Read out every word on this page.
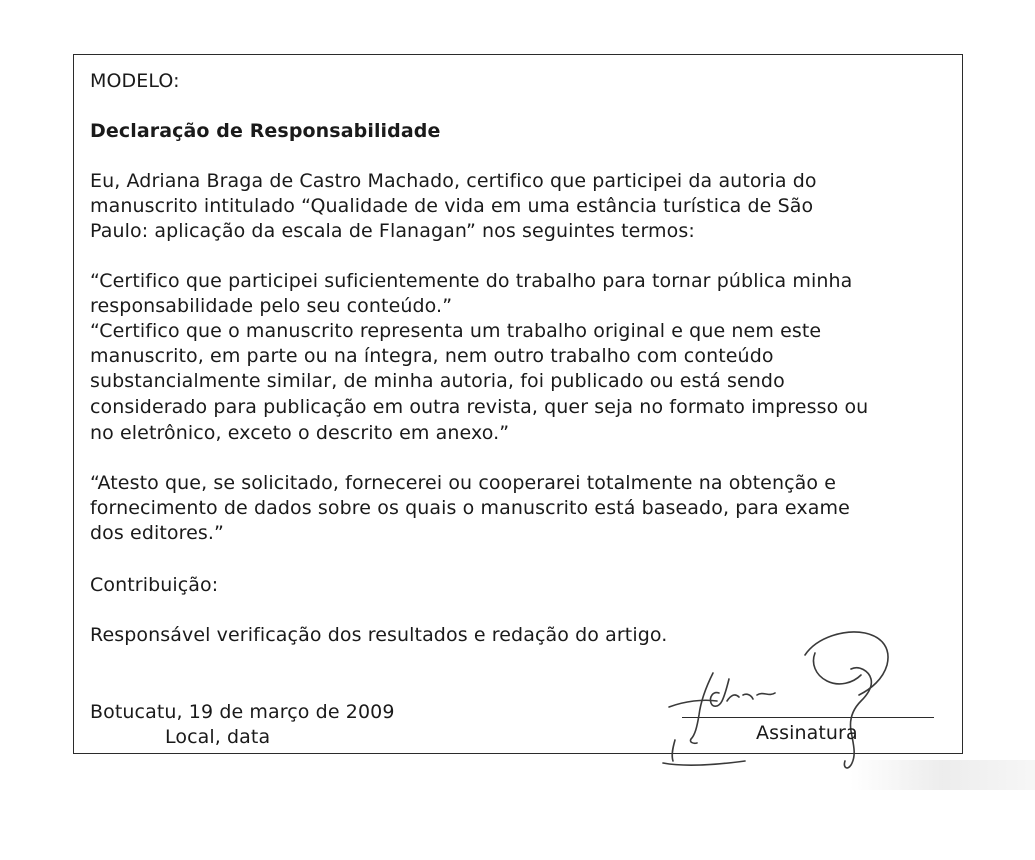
MODELO:
Declaração de Responsabilidade
Eu, Adriana Braga de Castro Machado, certifico que participei da autoria do
manuscrito intitulado “Qualidade de vida em uma estância turística de São
Paulo: aplicação da escala de Flanagan” nos seguintes termos:
“Certifico que participei suficientemente do trabalho para tornar pública minha
responsabilidade pelo seu conteúdo.”
“Certifico que o manuscrito representa um trabalho original e que nem este
manuscrito, em parte ou na íntegra, nem outro trabalho com conteúdo
substancialmente similar, de minha autoria, foi publicado ou está sendo
considerado para publicação em outra revista, quer seja no formato impresso ou
no eletrônico, exceto o descrito em anexo.”
“Atesto que, se solicitado, fornecerei ou cooperarei totalmente na obtenção e
fornecimento de dados sobre os quais o manuscrito está baseado, para exame
dos editores.”
Contribuição:
Responsável verificação dos resultados e redação do artigo.
Botucatu, 19 de março de 2009
Local, data	Assinatura
